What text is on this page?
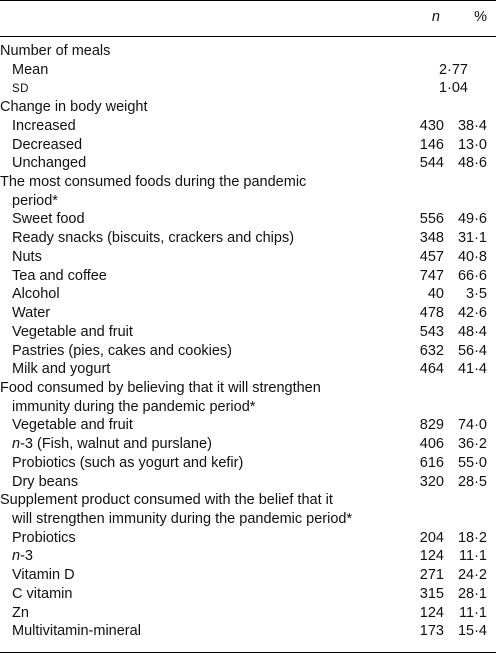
n %
Number of meals
Mean	2·77
SD	1·04
Change in body weight
Increased	430 38·4
Decreased	146 13·0
Unchanged	544 48·6
The most consumed foods during the pandemic
period*
Sweet food	556 49·6
Ready snacks (biscuits, crackers and chips)	348 31·1
Nuts	457 40·8
Tea and coffee	747 66·6
Alcohol	40 3·5
Water	478 42·6
Vegetable and fruit	543 48·4
Pastries (pies, cakes and cookies)	632 56·4
Milk and yogurt	464 41·4
Food consumed by believing that it will strengthen
immunity during the pandemic period*
Vegetable and fruit	829 74·0
n-3 (Fish, walnut and purslane)	406 36·2
Probiotics (such as yogurt and kefir)	616 55·0
Dry beans	320 28·5
Supplement product consumed with the belief that it
will strengthen immunity during the pandemic period*
Probiotics	204 18·2
n-3	124 11·1
Vitamin D	271 24·2
C vitamin	315 28·1
Zn	124 11·1
Multivitamin-mineral	173 15·4
